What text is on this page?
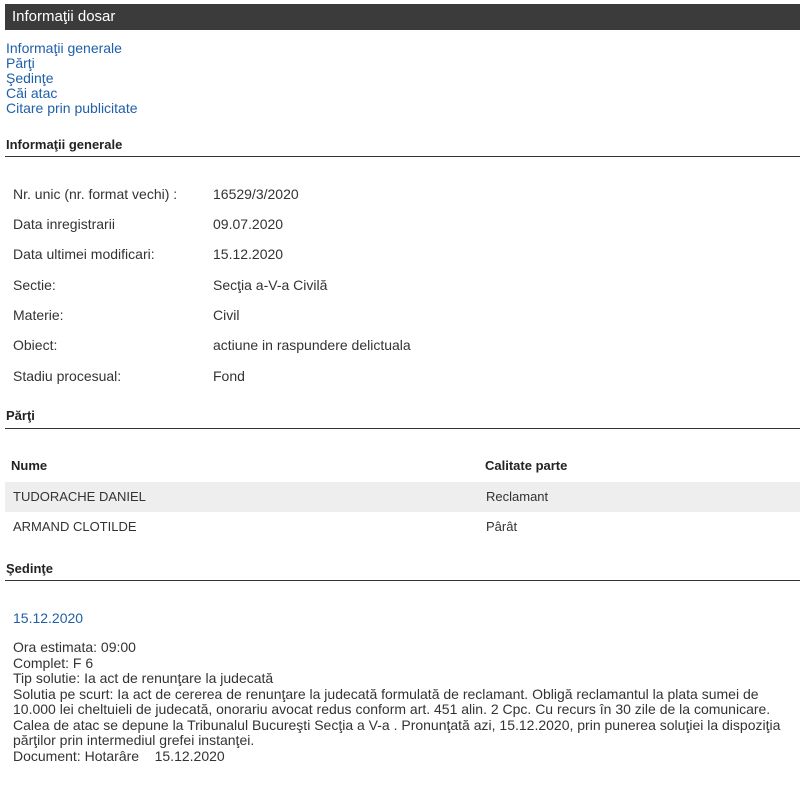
Informaţii dosar
Informaţii generale
Părţi
Şedinţe
Căi atac
Citare prin publicitate
Informaţii generale
Nr. unic (nr. format vechi) :	16529/3/2020
Data inregistrarii	09.07.2020
Data ultimei modificari:	15.12.2020
Sectie:	Secţia a-V-a Civilă
Materie:	Civil
Obiect:	actiune in raspundere delictuala
Stadiu procesual:	Fond
Părţi
Nume	Calitate parte
TUDORACHE DANIEL	Reclamant
ARMAND CLOTILDE	Pârât
Şedinţe
15.12.2020
Ora estimata: 09:00
Complet: F 6
Tip solutie: Ia act de renunţare la judecată
Solutia pe scurt: Ia act de cererea de renunţare la judecată formulată de reclamant. Obligă reclamantul la plata sumei de 10.000 lei cheltuieli de judecată, onorariu avocat redus conform art. 451 alin. 2 Cpc. Cu recurs în 30 zile de la comunicare. Calea de atac se depune la Tribunalul Bucureşti Secţia a V-a . Pronunţată azi, 15.12.2020, prin punerea soluţiei la dispoziţia părţilor prin intermediul grefei instanţei.
Document: Hotarâre    15.12.2020
